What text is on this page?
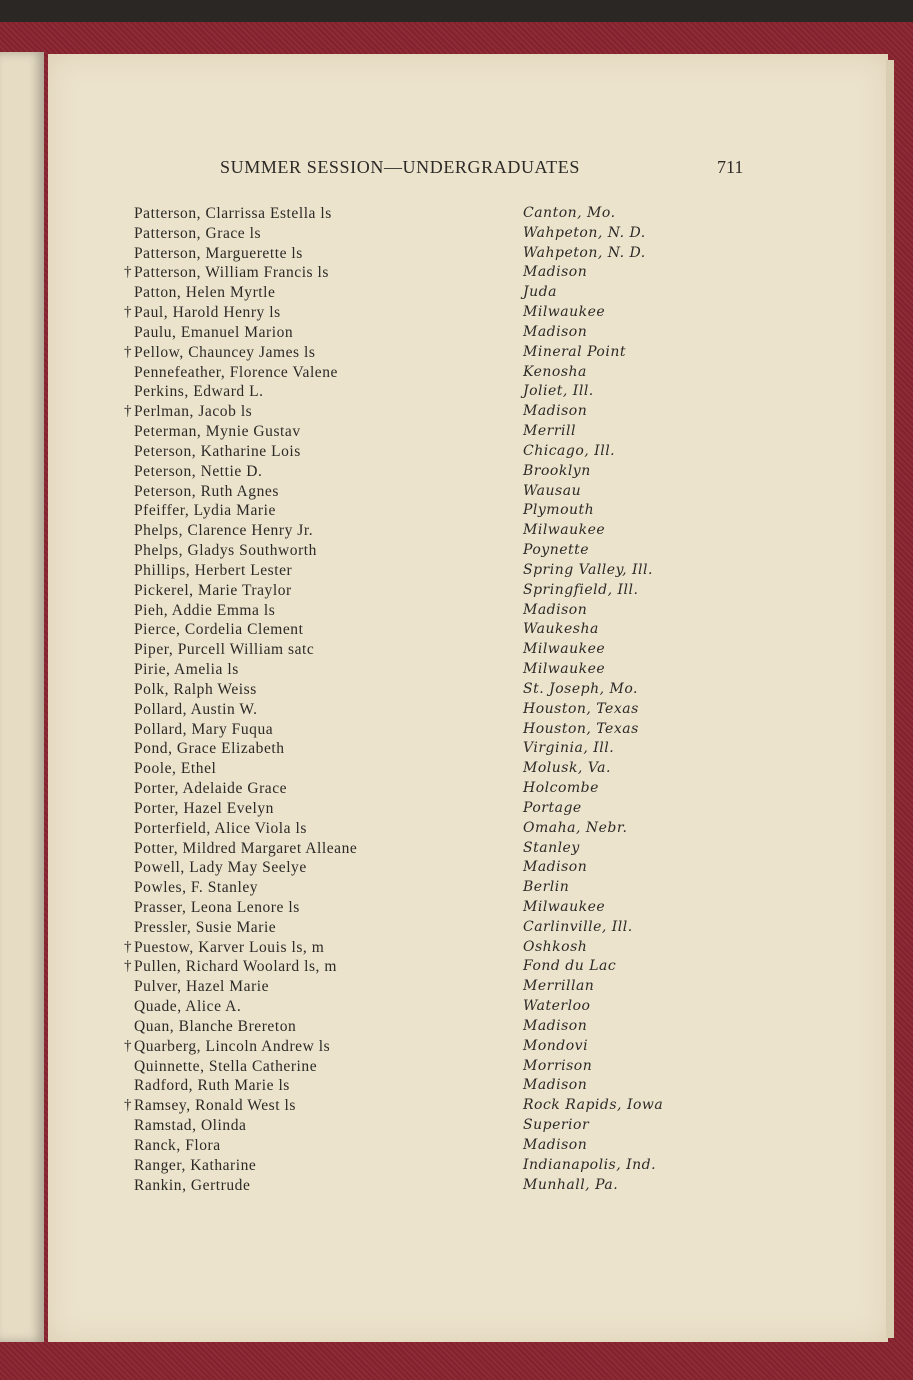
SUMMER SESSION—UNDERGRADUATES	711
Patterson, Clarrissa Estella ls	Canton, Mo.
Patterson, Grace ls	Wahpeton, N. D.
Patterson, Marguerette ls	Wahpeton, N. D.
† Patterson, William Francis ls	Madison
Patton, Helen Myrtle	Juda
† Paul, Harold Henry ls	Milwaukee
Paulu, Emanuel Marion	Madison
† Pellow, Chauncey James ls	Mineral Point
Pennefeather, Florence Valene	Kenosha
Perkins, Edward L.	Joliet, Ill.
† Perlman, Jacob ls	Madison
Peterman, Mynie Gustav	Merrill
Peterson, Katharine Lois	Chicago, Ill.
Peterson, Nettie D.	Brooklyn
Peterson, Ruth Agnes	Wausau
Pfeiffer, Lydia Marie	Plymouth
Phelps, Clarence Henry Jr.	Milwaukee
Phelps, Gladys Southworth	Poynette
Phillips, Herbert Lester	Spring Valley, Ill.
Pickerel, Marie Traylor	Springfield, Ill.
Pieh, Addie Emma ls	Madison
Pierce, Cordelia Clement	Waukesha
Piper, Purcell William satc	Milwaukee
Pirie, Amelia ls	Milwaukee
Polk, Ralph Weiss	St. Joseph, Mo.
Pollard, Austin W.	Houston, Texas
Pollard, Mary Fuqua	Houston, Texas
Pond, Grace Elizabeth	Virginia, Ill.
Poole, Ethel	Molusk, Va.
Porter, Adelaide Grace	Holcombe
Porter, Hazel Evelyn	Portage
Porterfield, Alice Viola ls	Omaha, Nebr.
Potter, Mildred Margaret Alleane	Stanley
Powell, Lady May Seelye	Madison
Powles, F. Stanley	Berlin
Prasser, Leona Lenore ls	Milwaukee
Pressler, Susie Marie	Carlinville, Ill.
† Puestow, Karver Louis ls, m	Oshkosh
† Pullen, Richard Woolard ls, m	Fond du Lac
Pulver, Hazel Marie	Merrillan
Quade, Alice A.	Waterloo
Quan, Blanche Brereton	Madison
† Quarberg, Lincoln Andrew ls	Mondovi
Quinnette, Stella Catherine	Morrison
Radford, Ruth Marie ls	Madison
† Ramsey, Ronald West ls	Rock Rapids, Iowa
Ramstad, Olinda	Superior
Ranck, Flora	Madison
Ranger, Katharine	Indianapolis, Ind.
Rankin, Gertrude	Munhall, Pa.
